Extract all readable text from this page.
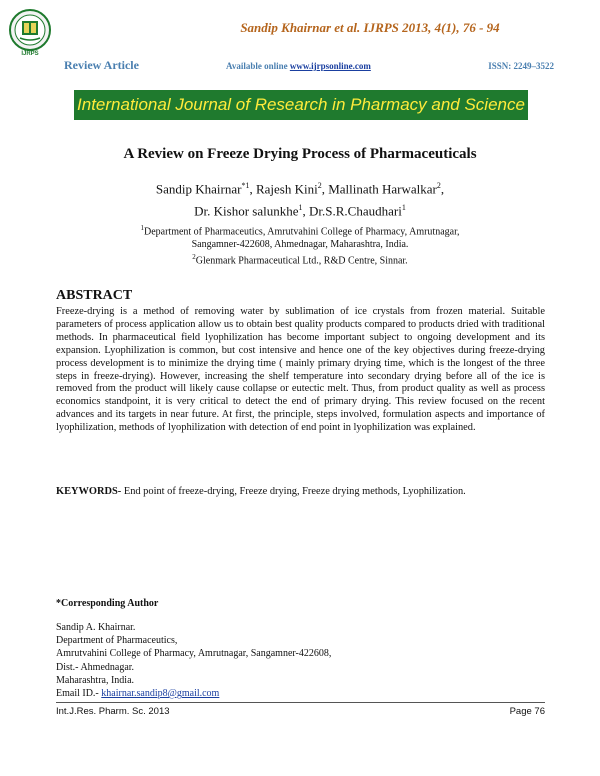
IJRPS
Sandip Khairnar et al. IJRPS 2013, 4(1), 76 - 94
Review Article	Available online www.ijrpsonline.com	ISSN: 2249–3522
International Journal of Research in Pharmacy and Science
A Review on Freeze Drying Process of Pharmaceuticals
Sandip Khairnar$^{*1}$, Rajesh Kini$^2$, Mallinath Harwalkar$^2$,
Dr. Kishor salunkhe$^1$, Dr.S.R.Chaudhari$^1$
$^1$Department of Pharmaceutics, Amrutvahini College of Pharmacy, Amrutnagar,
Sangamner-422608, Ahmednagar, Maharashtra, India.
$^2$Glenmark Pharmaceutical Ltd., R&D Centre, Sinnar.
ABSTRACT
Freeze-drying is a method of removing water by sublimation of ice crystals from frozen material. Suitable parameters of process application allow us to obtain best quality products compared to products dried with traditional methods. In pharmaceutical field lyophilization has become important subject to ongoing development and its expansion. Lyophilization is common, but cost intensive and hence one of the key objectives during freeze-drying process development is to minimize the drying time ( mainly primary drying time, which is the longest of the three steps in freeze-drying). However, increasing the shelf temperature into secondary drying before all of the ice is removed from the product will likely cause collapse or eutectic melt. Thus, from product quality as well as process economics standpoint, it is very critical to detect the end of primary drying. This review focused on the recent advances and its targets in near future. At first, the principle, steps involved, formulation aspects and importance of lyophilization, methods of lyophilization with detection of end point in lyophilization was explained.
KEYWORDS- End point of freeze-drying, Freeze drying, Freeze drying methods, Lyophilization.
*Corresponding Author
Sandip A. Khairnar.
Department of Pharmaceutics,
Amrutvahini College of Pharmacy, Amrutnagar, Sangamner-422608,
Dist.- Ahmednagar.
Maharashtra, India.
Email ID.- khairnar.sandip8@gmail.com
Int.J.Res. Pharm. Sc. 2013	Page 76
